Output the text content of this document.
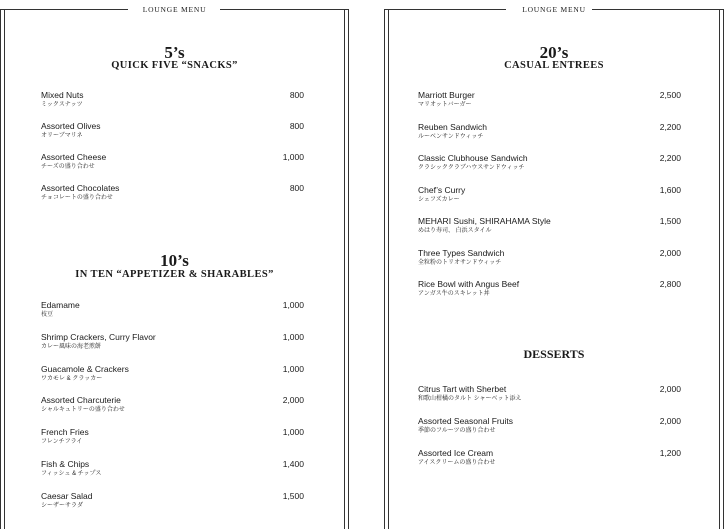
LOUNGE MENU
5’s
QUICK FIVE “SNACKS”
Mixed Nuts
ミックスナッツ
800
Assorted Olives
オリーブマリネ
800
Assorted Cheese
チーズの盛り合わせ
1,000
Assorted Chocolates
チョコレートの盛り合わせ
800
10’s
IN TEN “APPETIZER & SHARABLES”
Edamame
枝豆
1,000
Shrimp Crackers, Curry Flavor
カレー風味の海老煎餅
1,000
Guacamole & Crackers
ワカモレ & クラッカー
1,000
Assorted Charcuterie
シャルキュトリーの盛り合わせ
2,000
French Fries
フレンチフライ
1,000
Fish & Chips
フィッシュ & チップス
1,400
Caesar Salad
シーザーサラダ
1,500
LOUNGE MENU
20’s
CASUAL ENTREES
Marriott Burger
マリオットバーガー
2,500
Reuben Sandwich
ルーベンサンドウィッチ
2,200
Classic Clubhouse Sandwich
クラシッククラブハウスサンドウィッチ
2,200
Chef’s Curry
シェフズカレー
1,600
MEHARI Sushi, SHIRAHAMA Style
めはり寿司、 白浜スタイル
1,500
Three Types Sandwich
全粒粉のトリオサンドウィッチ
2,000
Rice Bowl with Angus Beef
アンガス牛のスキレット丼
2,800
DESSERTS
Citrus Tart with Sherbet
和歌山柑橘のタルト シャーベット添え
2,000
Assorted Seasonal Fruits
季節のフルーツの盛り合わせ
2,000
Assorted Ice Cream
アイスクリームの盛り合わせ
1,200
